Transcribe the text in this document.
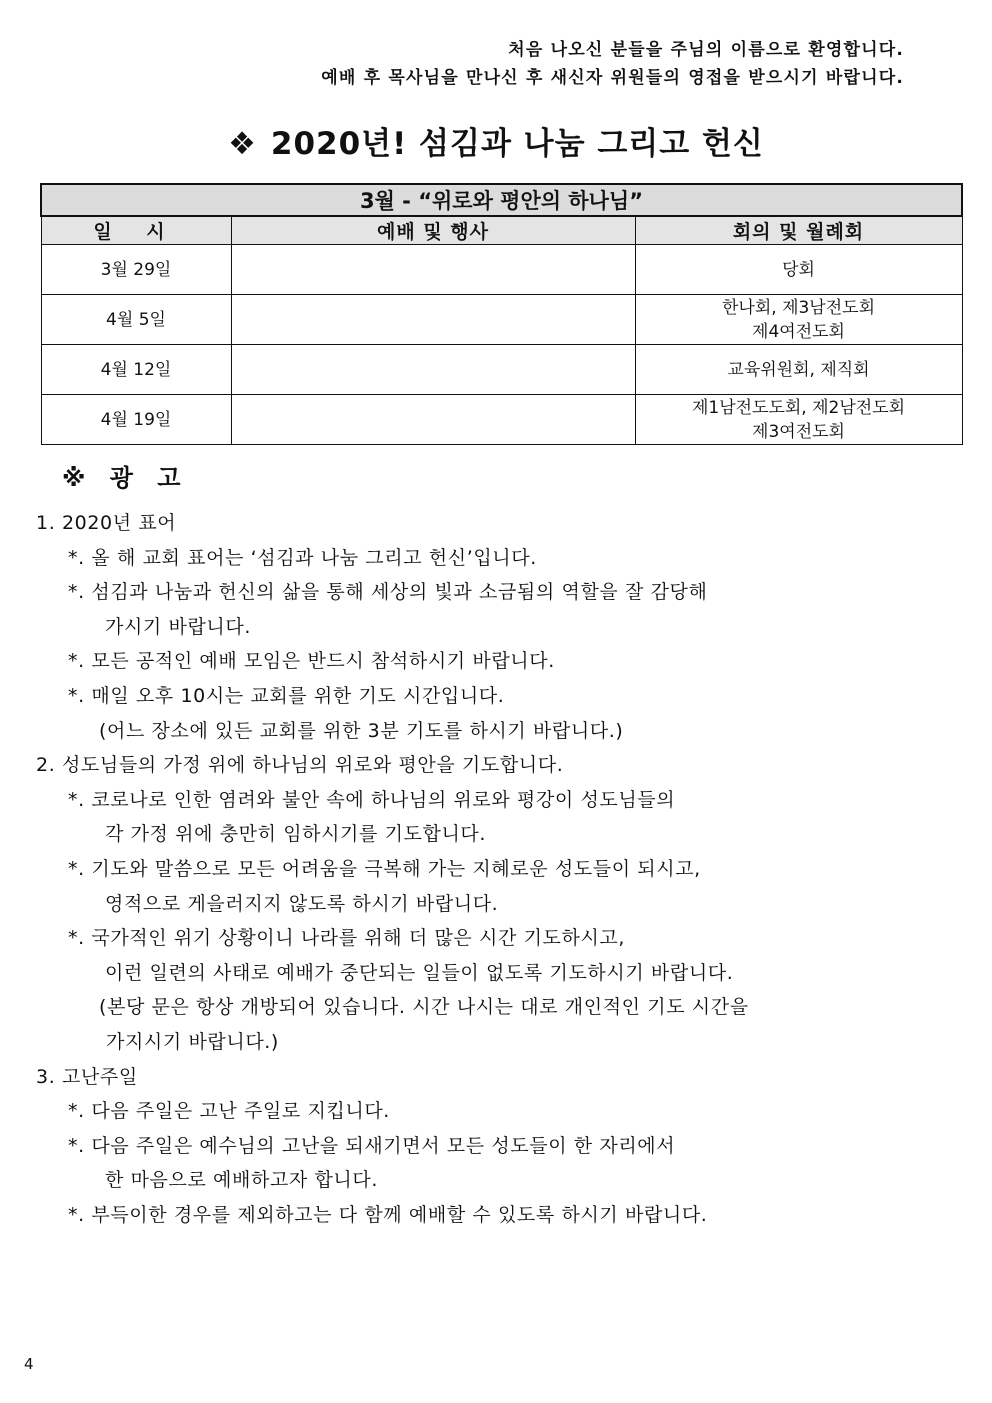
처음 나오신 분들을 주님의 이름으로 환영합니다.
예배 후 목사님을 만나신 후 새신자 위원들의 영접을 받으시기 바랍니다.
❖ 2020년! 섬김과 나눔 그리고 헌신
3월 - “위로와 평안의 하나님”		
일 시	예배 및 행사	회의 및 월례회
3월 29일		당회

4월 5일		한나회, 제3남전도회
제4여전도회

4월 12일		교육위원회, 제직회

4월 19일		제1남전도도회, 제2남전도회
제3여전도회
※ 광 고
1. 2020년 표어
*. 올 해 교회 표어는 ‘섬김과 나눔 그리고 헌신’입니다.
*. 섬김과 나눔과 헌신의 삶을 통해 세상의 빛과 소금됨의 역할을 잘 감당해
가시기 바랍니다.
*. 모든 공적인 예배 모임은 반드시 참석하시기 바랍니다.
*. 매일 오후 10시는 교회를 위한 기도 시간입니다.
(어느 장소에 있든 교회를 위한 3분 기도를 하시기 바랍니다.)
2. 성도님들의 가정 위에 하나님의 위로와 평안을 기도합니다.
*. 코로나로 인한 염려와 불안 속에 하나님의 위로와 평강이 성도님들의
각 가정 위에 충만히 임하시기를 기도합니다.
*. 기도와 말씀으로 모든 어려움을 극복해 가는 지혜로운 성도들이 되시고,
영적으로 게을러지지 않도록 하시기 바랍니다.
*. 국가적인 위기 상황이니 나라를 위해 더 많은 시간 기도하시고,
이런 일련의 사태로 예배가 중단되는 일들이 없도록 기도하시기 바랍니다.
(본당 문은 항상 개방되어 있습니다. 시간 나시는 대로 개인적인 기도 시간을
가지시기 바랍니다.)
3. 고난주일
*. 다음 주일은 고난 주일로 지킵니다.
*. 다음 주일은 예수님의 고난을 되새기면서 모든 성도들이 한 자리에서
한 마음으로 예배하고자 합니다.
*. 부득이한 경우를 제외하고는 다 함께 예배할 수 있도록 하시기 바랍니다.
4
